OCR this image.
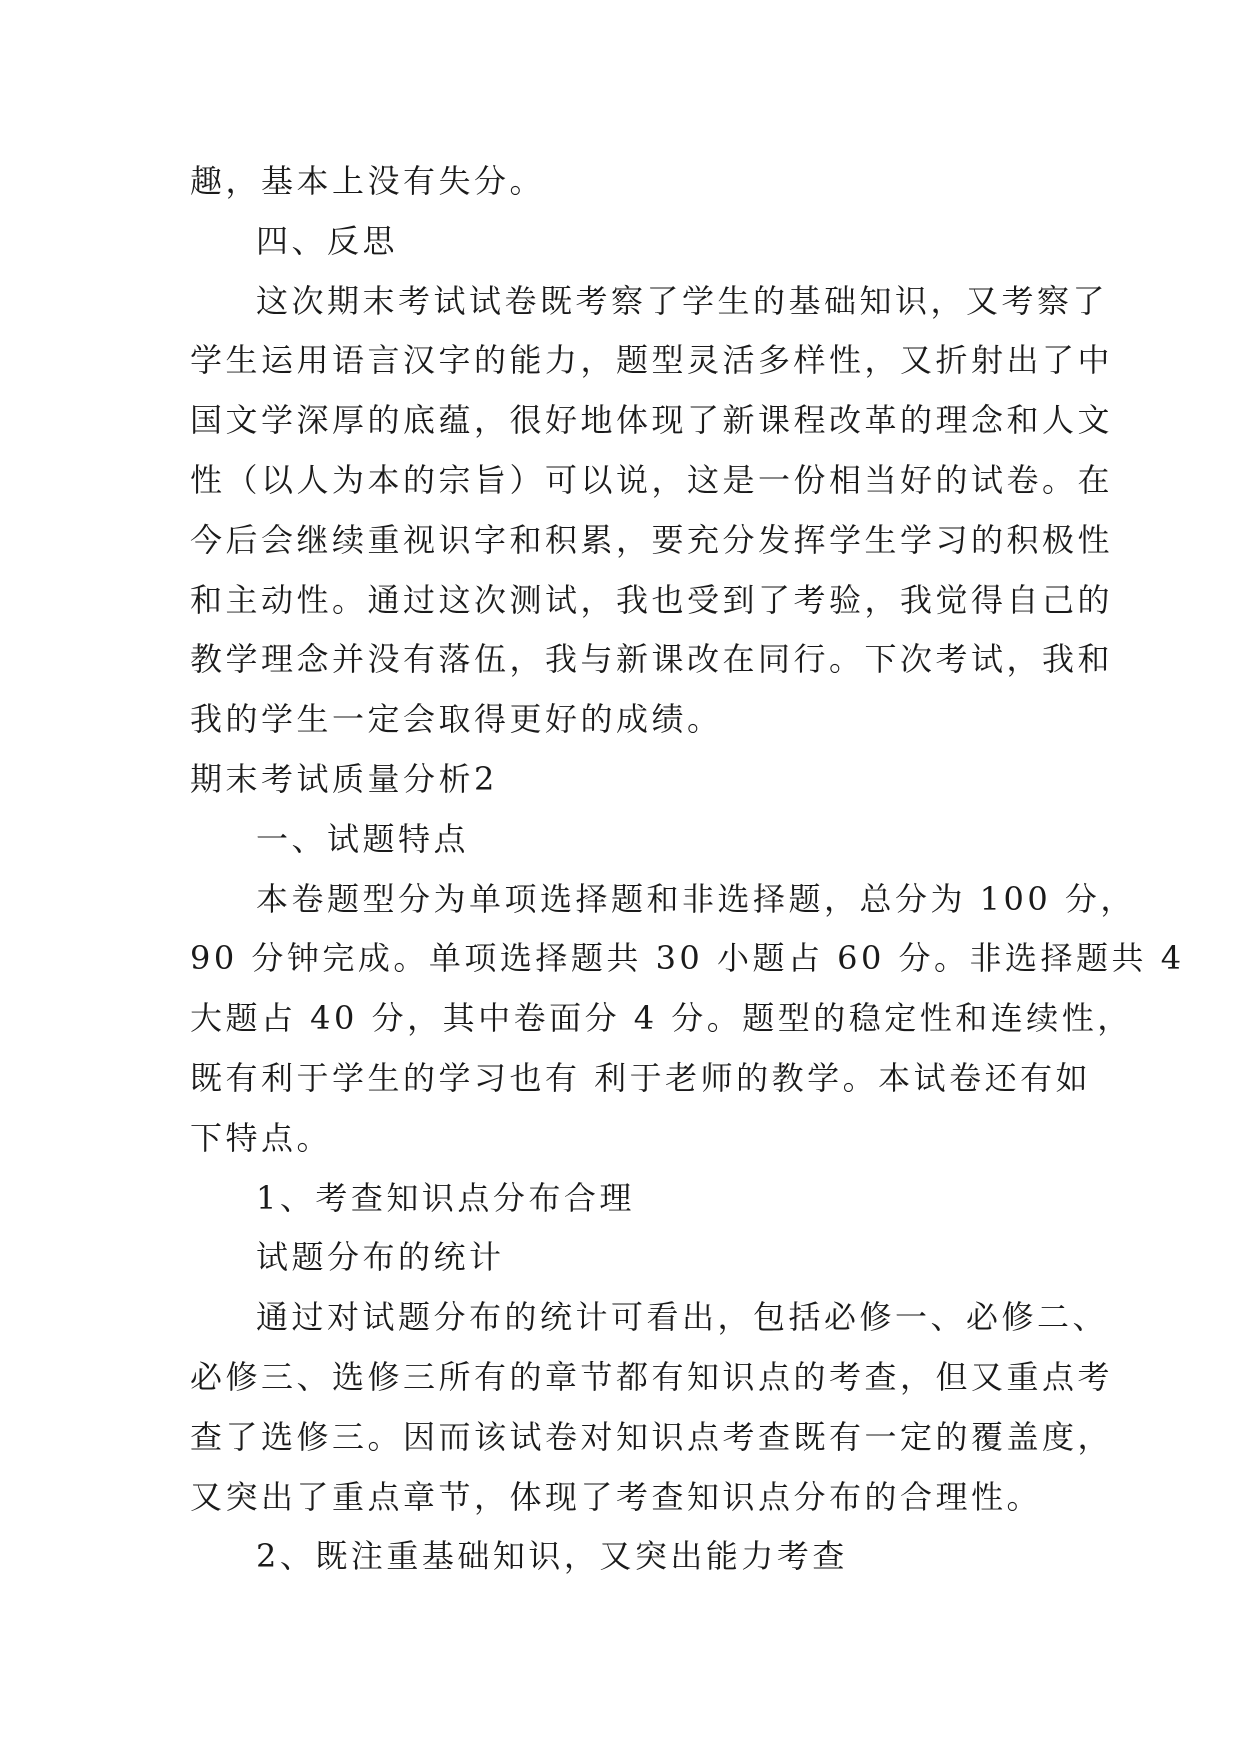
趣，基本上没有失分。
四、反思
这次期末考试试卷既考察了学生的基础知识，又考察了
学生运用语言汉字的能力，题型灵活多样性，又折射出了中
国文学深厚的底蕴，很好地体现了新课程改革的理念和人文
性（以人为本的宗旨）可以说，这是一份相当好的试卷。在
今后会继续重视识字和积累，要充分发挥学生学习的积极性
和主动性。通过这次测试，我也受到了考验，我觉得自己的
教学理念并没有落伍，我与新课改在同行。下次考试，我和
我的学生一定会取得更好的成绩。
期末考试质量分析2
一、试题特点
本卷题型分为单项选择题和非选择题，总分为 100 分，
90 分钟完成。单项选择题共 30 小题占 60 分。非选择题共 4
大题占 40 分，其中卷面分 4 分。题型的稳定性和连续性，
既有利于学生的学习也有 利于老师的教学。本试卷还有如
下特点。
1、考查知识点分布合理
试题分布的统计
通过对试题分布的统计可看出，包括必修一、必修二、
必修三、选修三所有的章节都有知识点的考查，但又重点考
查了选修三。因而该试卷对知识点考查既有一定的覆盖度，
又突出了重点章节，体现了考查知识点分布的合理性。
2、既注重基础知识，又突出能力考查
